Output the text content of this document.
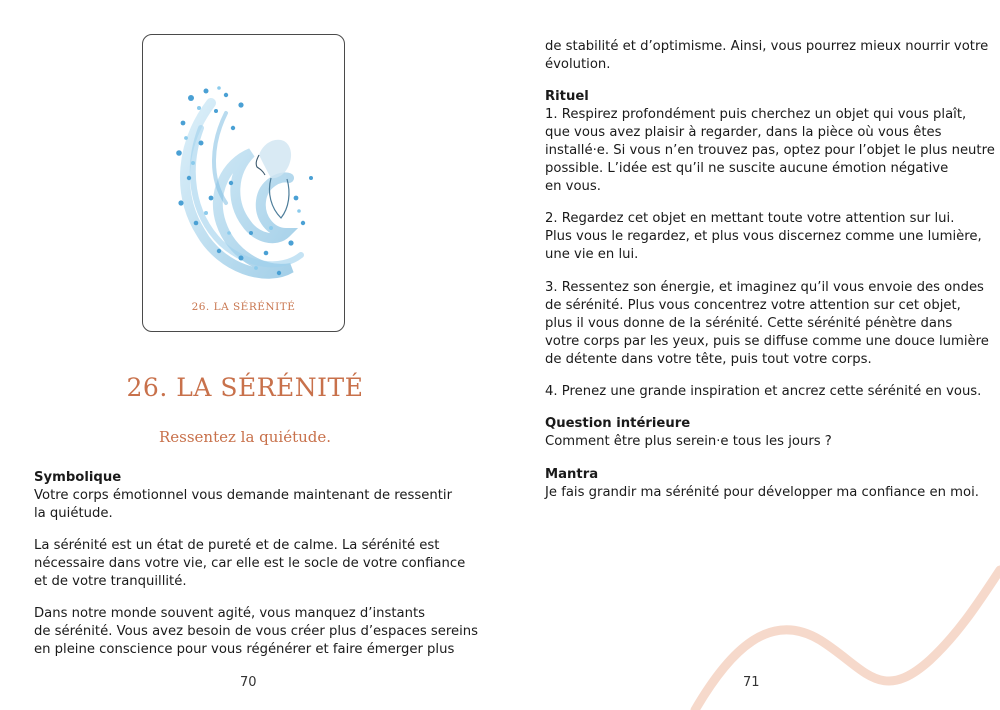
26. LA SÉRÉNITÉ
26. LA SÉRÉNITÉ

Ressentez la quiétude.

Symbolique
Votre corps émotionnel vous demande maintenant de ressentir
la quiétude.
La sérénité est un état de pureté et de calme. La sérénité est
nécessaire dans votre vie, car elle est le socle de votre confiance
et de votre tranquillité.
Dans notre monde souvent agité, vous manquez d’instants
de sérénité. Vous avez besoin de vous créer plus d’espaces sereins
en pleine conscience pour vous régénérer et faire émerger plus
70
de stabilité et d’optimisme. Ainsi, vous pourrez mieux nourrir votre
évolution.
Rituel
1. Respirez profondément puis cherchez un objet qui vous plaît,
que vous avez plaisir à regarder, dans la pièce où vous êtes
installé·e. Si vous n’en trouvez pas, optez pour l’objet le plus neutre
possible. L’idée est qu’il ne suscite aucune émotion négative
en vous.
2. Regardez cet objet en mettant toute votre attention sur lui.
Plus vous le regardez, et plus vous discernez comme une lumière,
une vie en lui.
3. Ressentez son énergie, et imaginez qu’il vous envoie des ondes
de sérénité. Plus vous concentrez votre attention sur cet objet,
plus il vous donne de la sérénité. Cette sérénité pénètre dans
votre corps par les yeux, puis se diffuse comme une douce lumière
de détente dans votre tête, puis tout votre corps.
4. Prenez une grande inspiration et ancrez cette sérénité en vous.
Question intérieure
Comment être plus serein·e tous les jours ?
Mantra
Je fais grandir ma sérénité pour développer ma confiance en moi.
71
